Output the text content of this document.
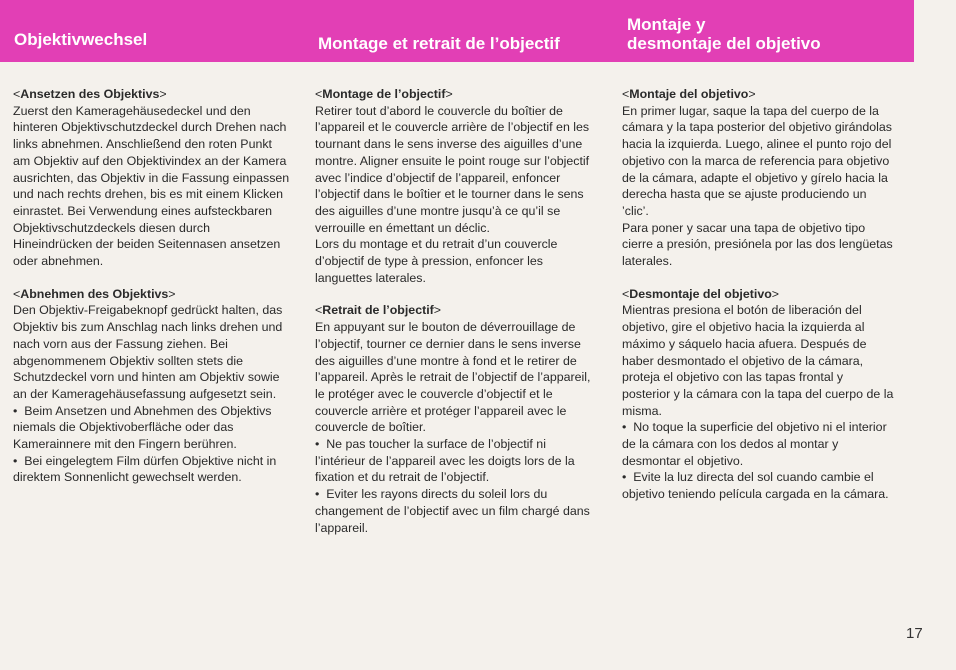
Objektivwechsel	Montage et retrait de l’objectif
Montaje y
desmontaje del objetivo
<Ansetzen des Objektivs>

Zuerst den Kameragehäusedeckel und den hinteren Objektivschutzdeckel durch Drehen nach links abnehmen. Anschließend den roten Punkt am Objektiv auf den Objektivindex an der Kamera ausrichten, das Objektiv in die Fassung einpassen und nach rechts drehen, bis es mit einem Klicken einrastet. Bei Verwendung eines aufsteckbaren Objektivschutzdeckels diesen durch Hineindrücken der beiden Seitennasen ansetzen oder abnehmen.

<Abnehmen des Objektivs>

Den Objektiv-Freigabeknopf gedrückt halten, das Objektiv bis zum Anschlag nach links drehen und nach vorn aus der Fassung ziehen. Bei abgenommenem Objektiv sollten stets die Schutzdeckel vorn und hinten am Objektiv sowie an der Kameragehäusefassung aufgesetzt sein.

•  Beim Ansetzen und Abnehmen des Objektivs niemals die Objektivoberfläche oder das Kamerainnere mit den Fingern berühren.

•  Bei eingelegtem Film dürfen Objektive nicht in direktem Sonnenlicht gewechselt werden.

<Montage de l’objectif>

Retirer tout d’abord le couvercle du boîtier de l’appareil et le couvercle arrière de l’objectif en les tournant dans le sens inverse des aiguilles d’une montre. Aligner ensuite le point rouge sur l’objectif avec l’indice d’objectif de l’appareil, enfoncer l’objectif dans le boîtier et le tourner dans le sens des aiguilles d’une montre jusqu’à ce qu’il se verrouille en émettant un déclic.

Lors du montage et du retrait d’un couvercle d’objectif de type à pression, enfoncer les languettes laterales.

<Retrait de l’objectif>

En appuyant sur le bouton de déverrouillage de l’objectif, tourner ce dernier dans le sens inverse des aiguilles d’une montre à fond et le retirer de l’appareil. Après le retrait de l’objectif de l’appareil, le protéger avec le couvercle d’objectif et le couvercle arrière et protéger l’appareil avec le couvercle de boîtier.

•  Ne pas toucher la surface de l’objectif ni l’intérieur de l’appareil avec les doigts lors de la fixation et du retrait de l’objectif.

•  Eviter les rayons directs du soleil lors du changement de l’objectif avec un film chargé dans l’appareil.

<Montaje del objetivo>

En primer lugar, saque la tapa del cuerpo de la cámara y la tapa posterior del objetivo girándolas hacia la izquierda. Luego, alinee el punto rojo del objetivo con la marca de referencia para objetivo de la cámara, adapte el objetivo y gírelo hacia la derecha hasta que se ajuste produciendo un ’clic’.

Para poner y sacar una tapa de objetivo tipo cierre a presión, presiónela por las dos lengüetas laterales.

<Desmontaje del objetivo>

Mientras presiona el botón de liberación del objetivo, gire el objetivo hacia la izquierda al máximo y sáquelo hacia afuera. Después de haber desmontado el objetivo de la cámara, proteja el objetivo con las tapas frontal y posterior y la cámara con la tapa del cuerpo de la misma.

•  No toque la superficie del objetivo ni el interior de la cámara con los dedos al montar y desmontar el objetivo.

•  Evite la luz directa del sol cuando cambie el objetivo teniendo película cargada en la cámara.

17
